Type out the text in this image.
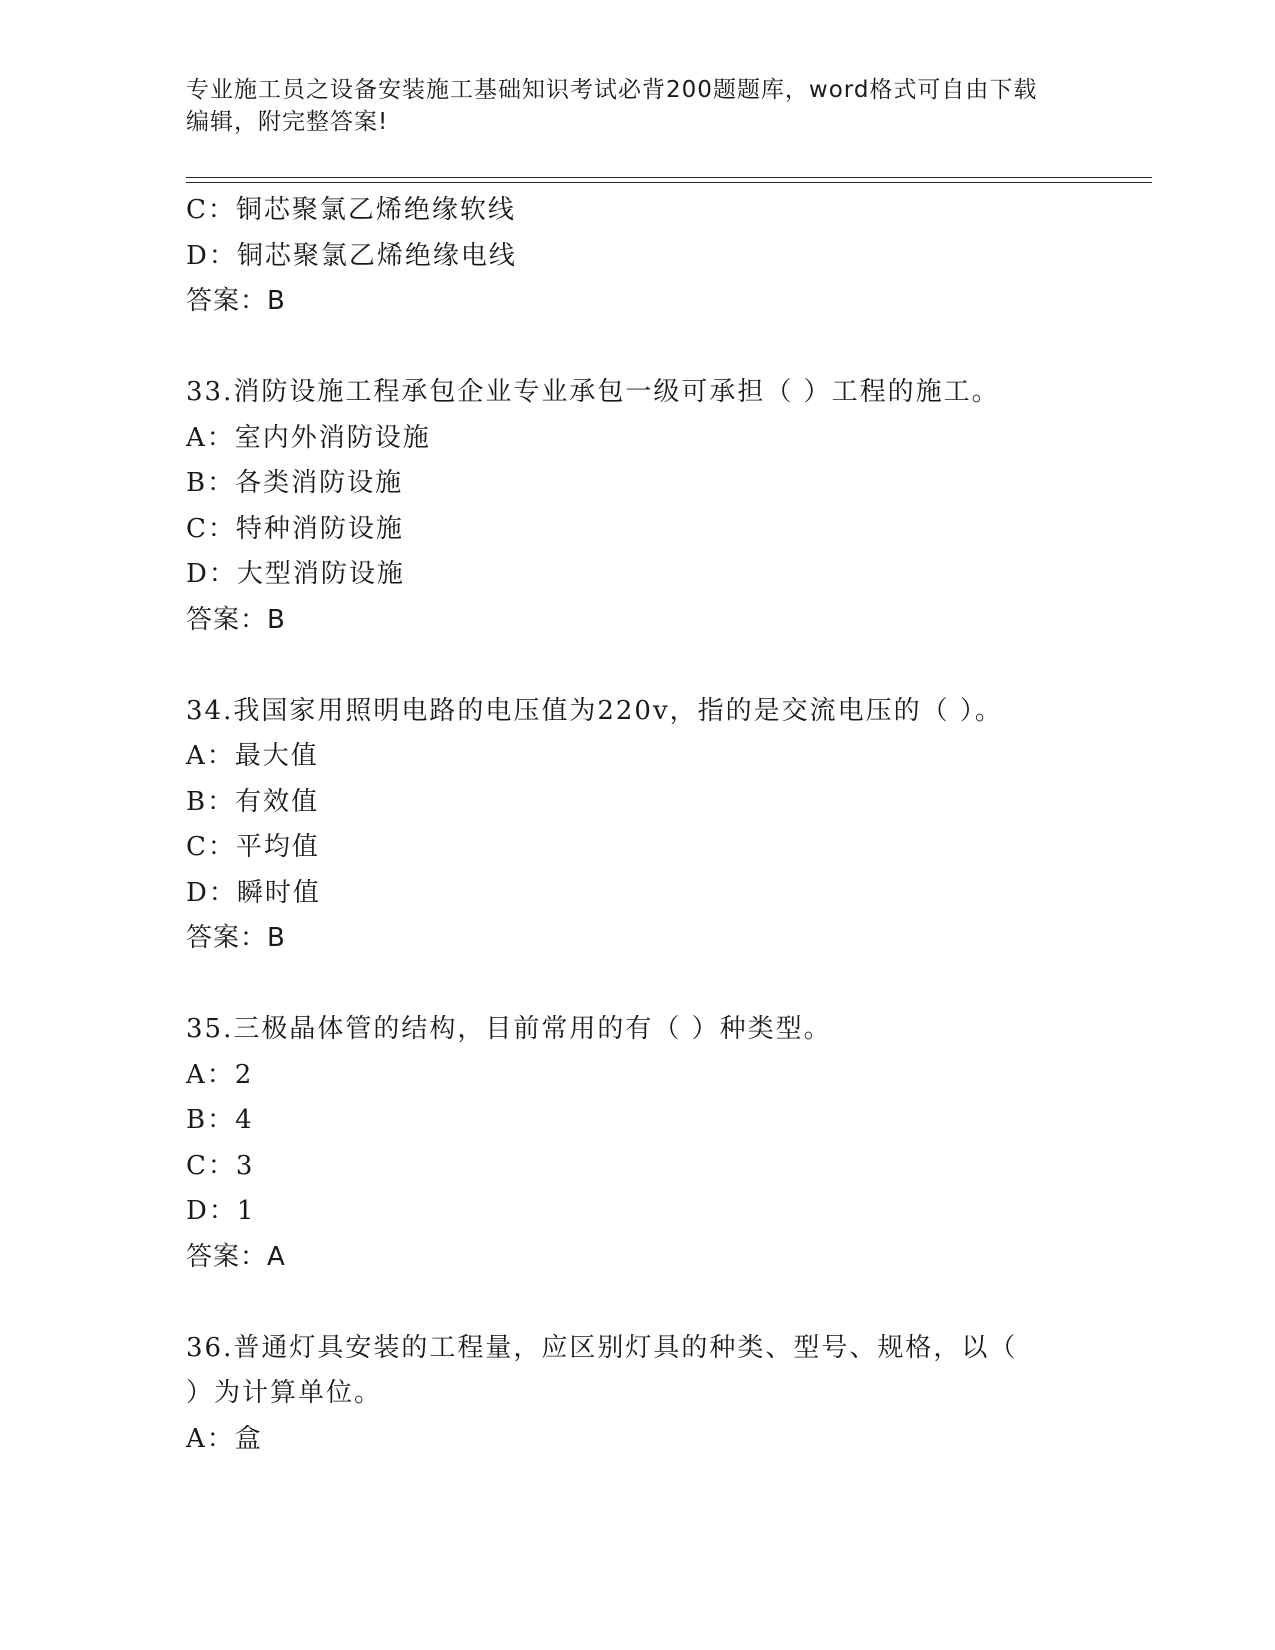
专业施工员之设备安装施工基础知识考试必背200题题库，word格式可自由下载
编辑，附完整答案!
C：铜芯聚氯乙烯绝缘软线
D：铜芯聚氯乙烯绝缘电线
答案：B
33.消防设施工程承包企业专业承包一级可承担（ ）工程的施工。
A：室内外消防设施
B：各类消防设施
C：特种消防设施
D：大型消防设施
答案：B
34.我国家用照明电路的电压值为220v，指的是交流电压的（ ）。
A：最大值
B：有效值
C：平均值
D：瞬时值
答案：B
35.三极晶体管的结构，目前常用的有（ ）种类型。
A：2
B：4
C：3
D：1
答案：A
36.普通灯具安装的工程量，应区别灯具的种类、型号、规格，以（
）为计算单位。
A：盒
